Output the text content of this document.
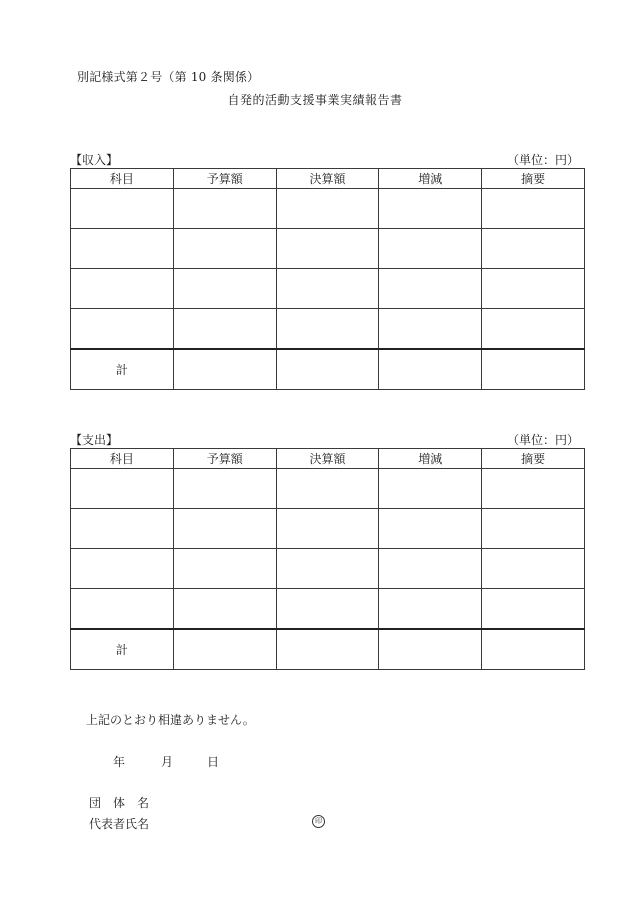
別記様式第２号（第 10 条関係）
自発的活動支援事業実績報告書
【収入】	（単位：円）
科目	予算額	決算額	増減	摘要

計				
【支出】	（単位：円）
科目	予算額	決算額	増減	摘要

計				
上記のとおり相違ありません。
年	月	日
団　体　名
代表者氏名	印
